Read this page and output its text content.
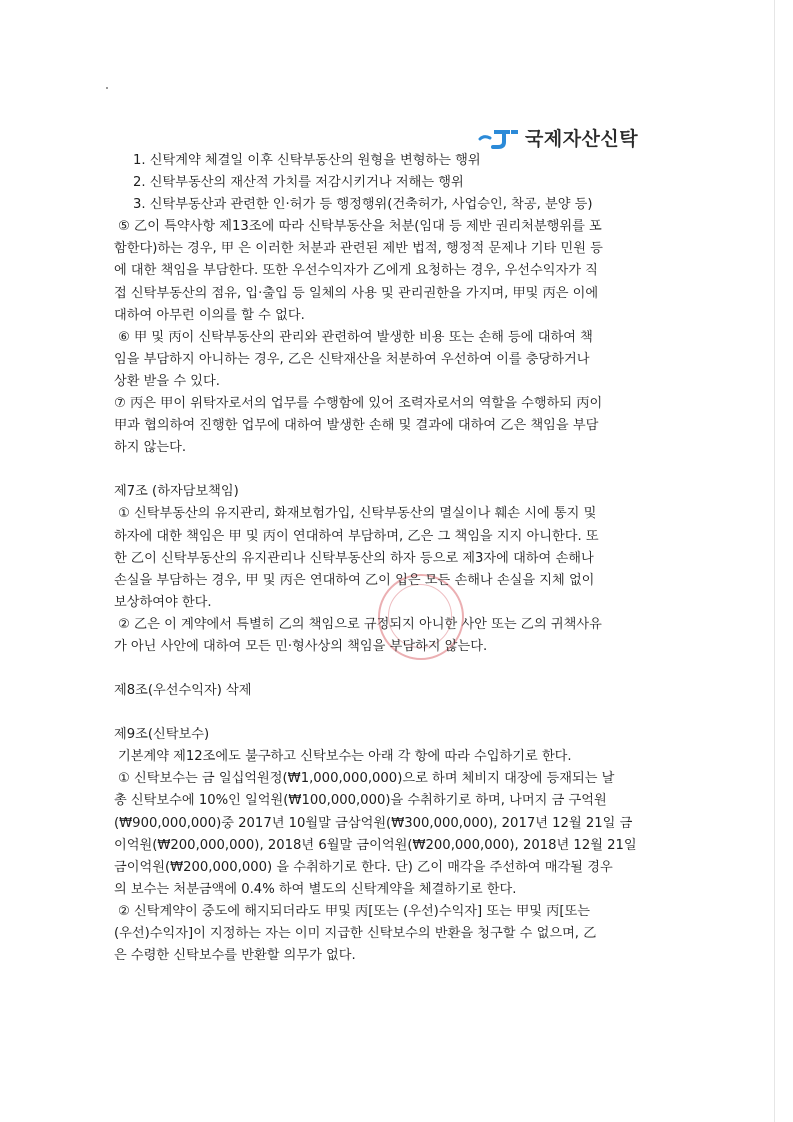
국제자산신탁

1. 신탁계약 체결일 이후 신탁부동산의 원형을 변형하는 행위

2. 신탁부동산의 재산적 가치를 저감시키거나 저해는 행위

3. 신탁부동산과 관련한 인·허가 등 행정행위(건축허가, 사업승인, 착공, 분양 등)

⑤ 乙이 특약사항 제13조에 따라 신탁부동산을 처분(임대 등 제반 권리처분행위를 포

함한다)하는 경우, 甲 은 이러한 처분과 관련된 제반 법적, 행정적 문제나 기타 민원 등

에 대한 책임을 부담한다. 또한 우선수익자가 乙에게 요청하는 경우, 우선수익자가 직

접 신탁부동산의 점유, 입·출입 등 일체의 사용 및 관리권한을 가지며, 甲및 丙은 이에

대하여 아무런 이의를 할 수 없다.

⑥ 甲 및 丙이 신탁부동산의 관리와 관련하여 발생한 비용 또는 손해 등에 대하여 책

임을 부담하지 아니하는 경우, 乙은 신탁재산을 처분하여 우선하여 이를 충당하거나

상환 받을 수 있다.

⑦ 丙은 甲이 위탁자로서의 업무를 수행함에 있어 조력자로서의 역할을 수행하되 丙이

甲과 협의하여 진행한 업무에 대하여 발생한 손해 및 결과에 대하여 乙은 책임을 부담

하지 않는다.

제7조 (하자담보책임)

① 신탁부동산의 유지관리, 화재보험가입, 신탁부동산의 멸실이나 훼손 시에 통지 및

하자에 대한 책임은 甲 및 丙이 연대하여 부담하며, 乙은 그 책임을 지지 아니한다. 또

한 乙이 신탁부동산의 유지관리나 신탁부동산의 하자 등으로 제3자에 대하여 손해나

손실을 부담하는 경우, 甲 및 丙은 연대하여 乙이 입은 모든 손해나 손실을 지체 없이

보상하여야 한다.

② 乙은 이 계약에서 특별히 乙의 책임으로 규정되지 아니한 사안 또는 乙의 귀책사유

가 아닌 사안에 대하여 모든 민·형사상의 책임을 부담하지 않는다.

제8조(우선수익자) 삭제

제9조(신탁보수)

기본계약 제12조에도 불구하고 신탁보수는 아래 각 항에 따라 수입하기로 한다.

① 신탁보수는 금 일십억원정(₩1,000,000,000)으로 하며 체비지 대장에 등재되는 날

총 신탁보수에 10%인 일억원(₩100,000,000)을 수취하기로 하며, 나머지 금 구억원

(₩900,000,000)중 2017년 10월말 금삼억원(₩300,000,000), 2017년 12월 21일 금

이억원(₩200,000,000), 2018년 6월말 금이억원(₩200,000,000), 2018년 12월 21일

금이억원(₩200,000,000) 을 수취하기로 한다. 단) 乙이 매각을 주선하여 매각될 경우

의 보수는 처분금액에 0.4% 하여 별도의 신탁계약을 체결하기로 한다.

② 신탁계약이 중도에 해지되더라도 甲및 丙[또는 (우선)수익자] 또는 甲및 丙[또는

(우선)수익자]이 지정하는 자는 이미 지급한 신탁보수의 반환을 청구할 수 없으며, 乙

은 수령한 신탁보수를 반환할 의무가 없다.
